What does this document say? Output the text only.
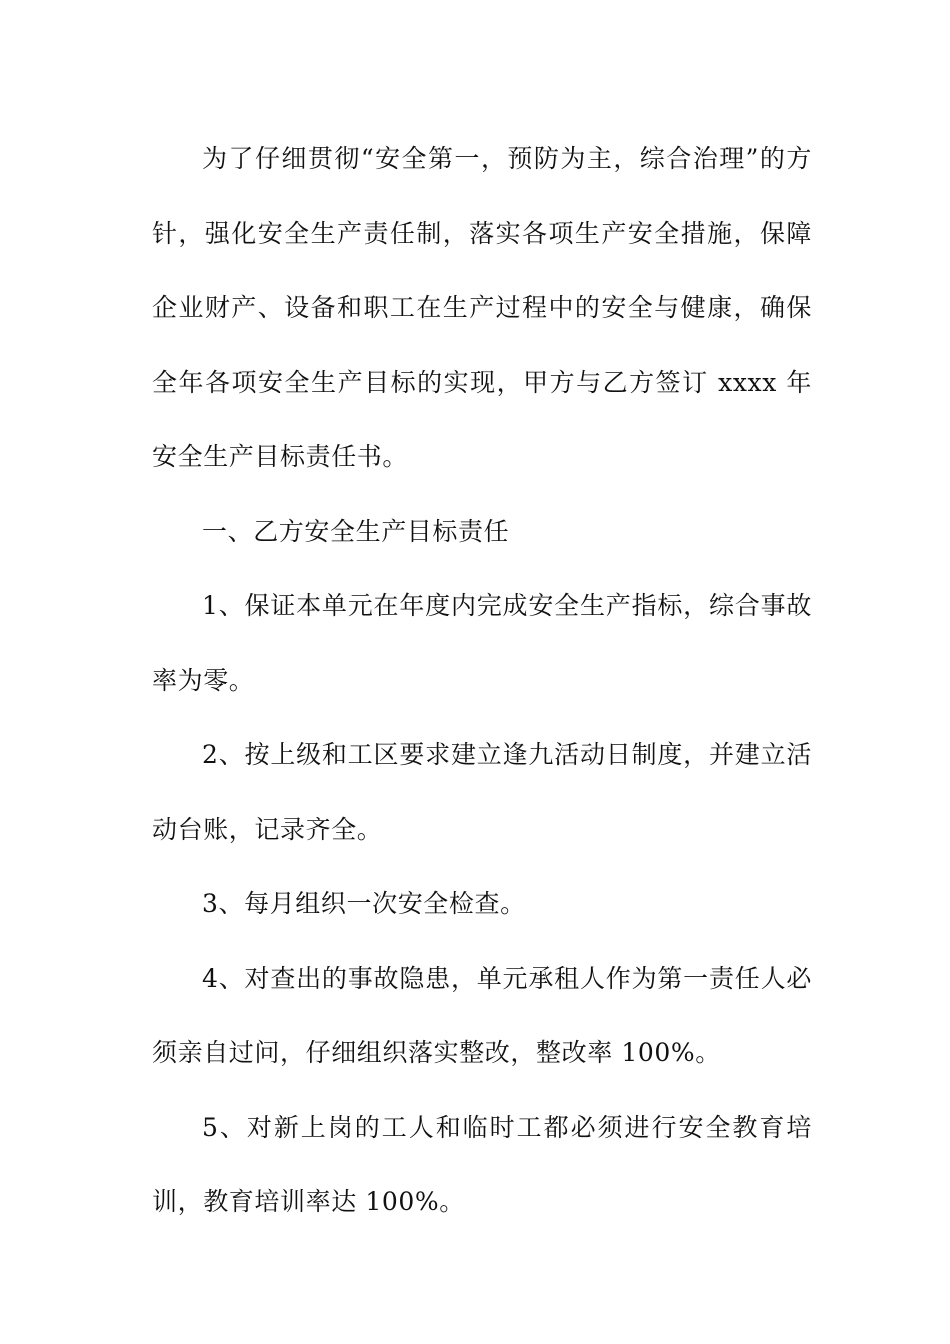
为了仔细贯彻“安全第一，预防为主，综合治理”的方针，强化安全生产责任制，落实各项生产安全措施，保障企业财产、设备和职工在生产过程中的安全与健康，确保全年各项安全生产目标的实现，甲方与乙方签订 xxxx 年安全生产目标责任书。

一、乙方安全生产目标责任

1、保证本单元在年度内完成安全生产指标，综合事故率为零。

2、按上级和工区要求建立逢九活动日制度，并建立活动台账，记录齐全。

3、每月组织一次安全检查。

4、对查出的事故隐患，单元承租人作为第一责任人必须亲自过问，仔细组织落实整改，整改率 100%。

5、对新上岗的工人和临时工都必须进行安全教育培训，教育培训率达 100%。
